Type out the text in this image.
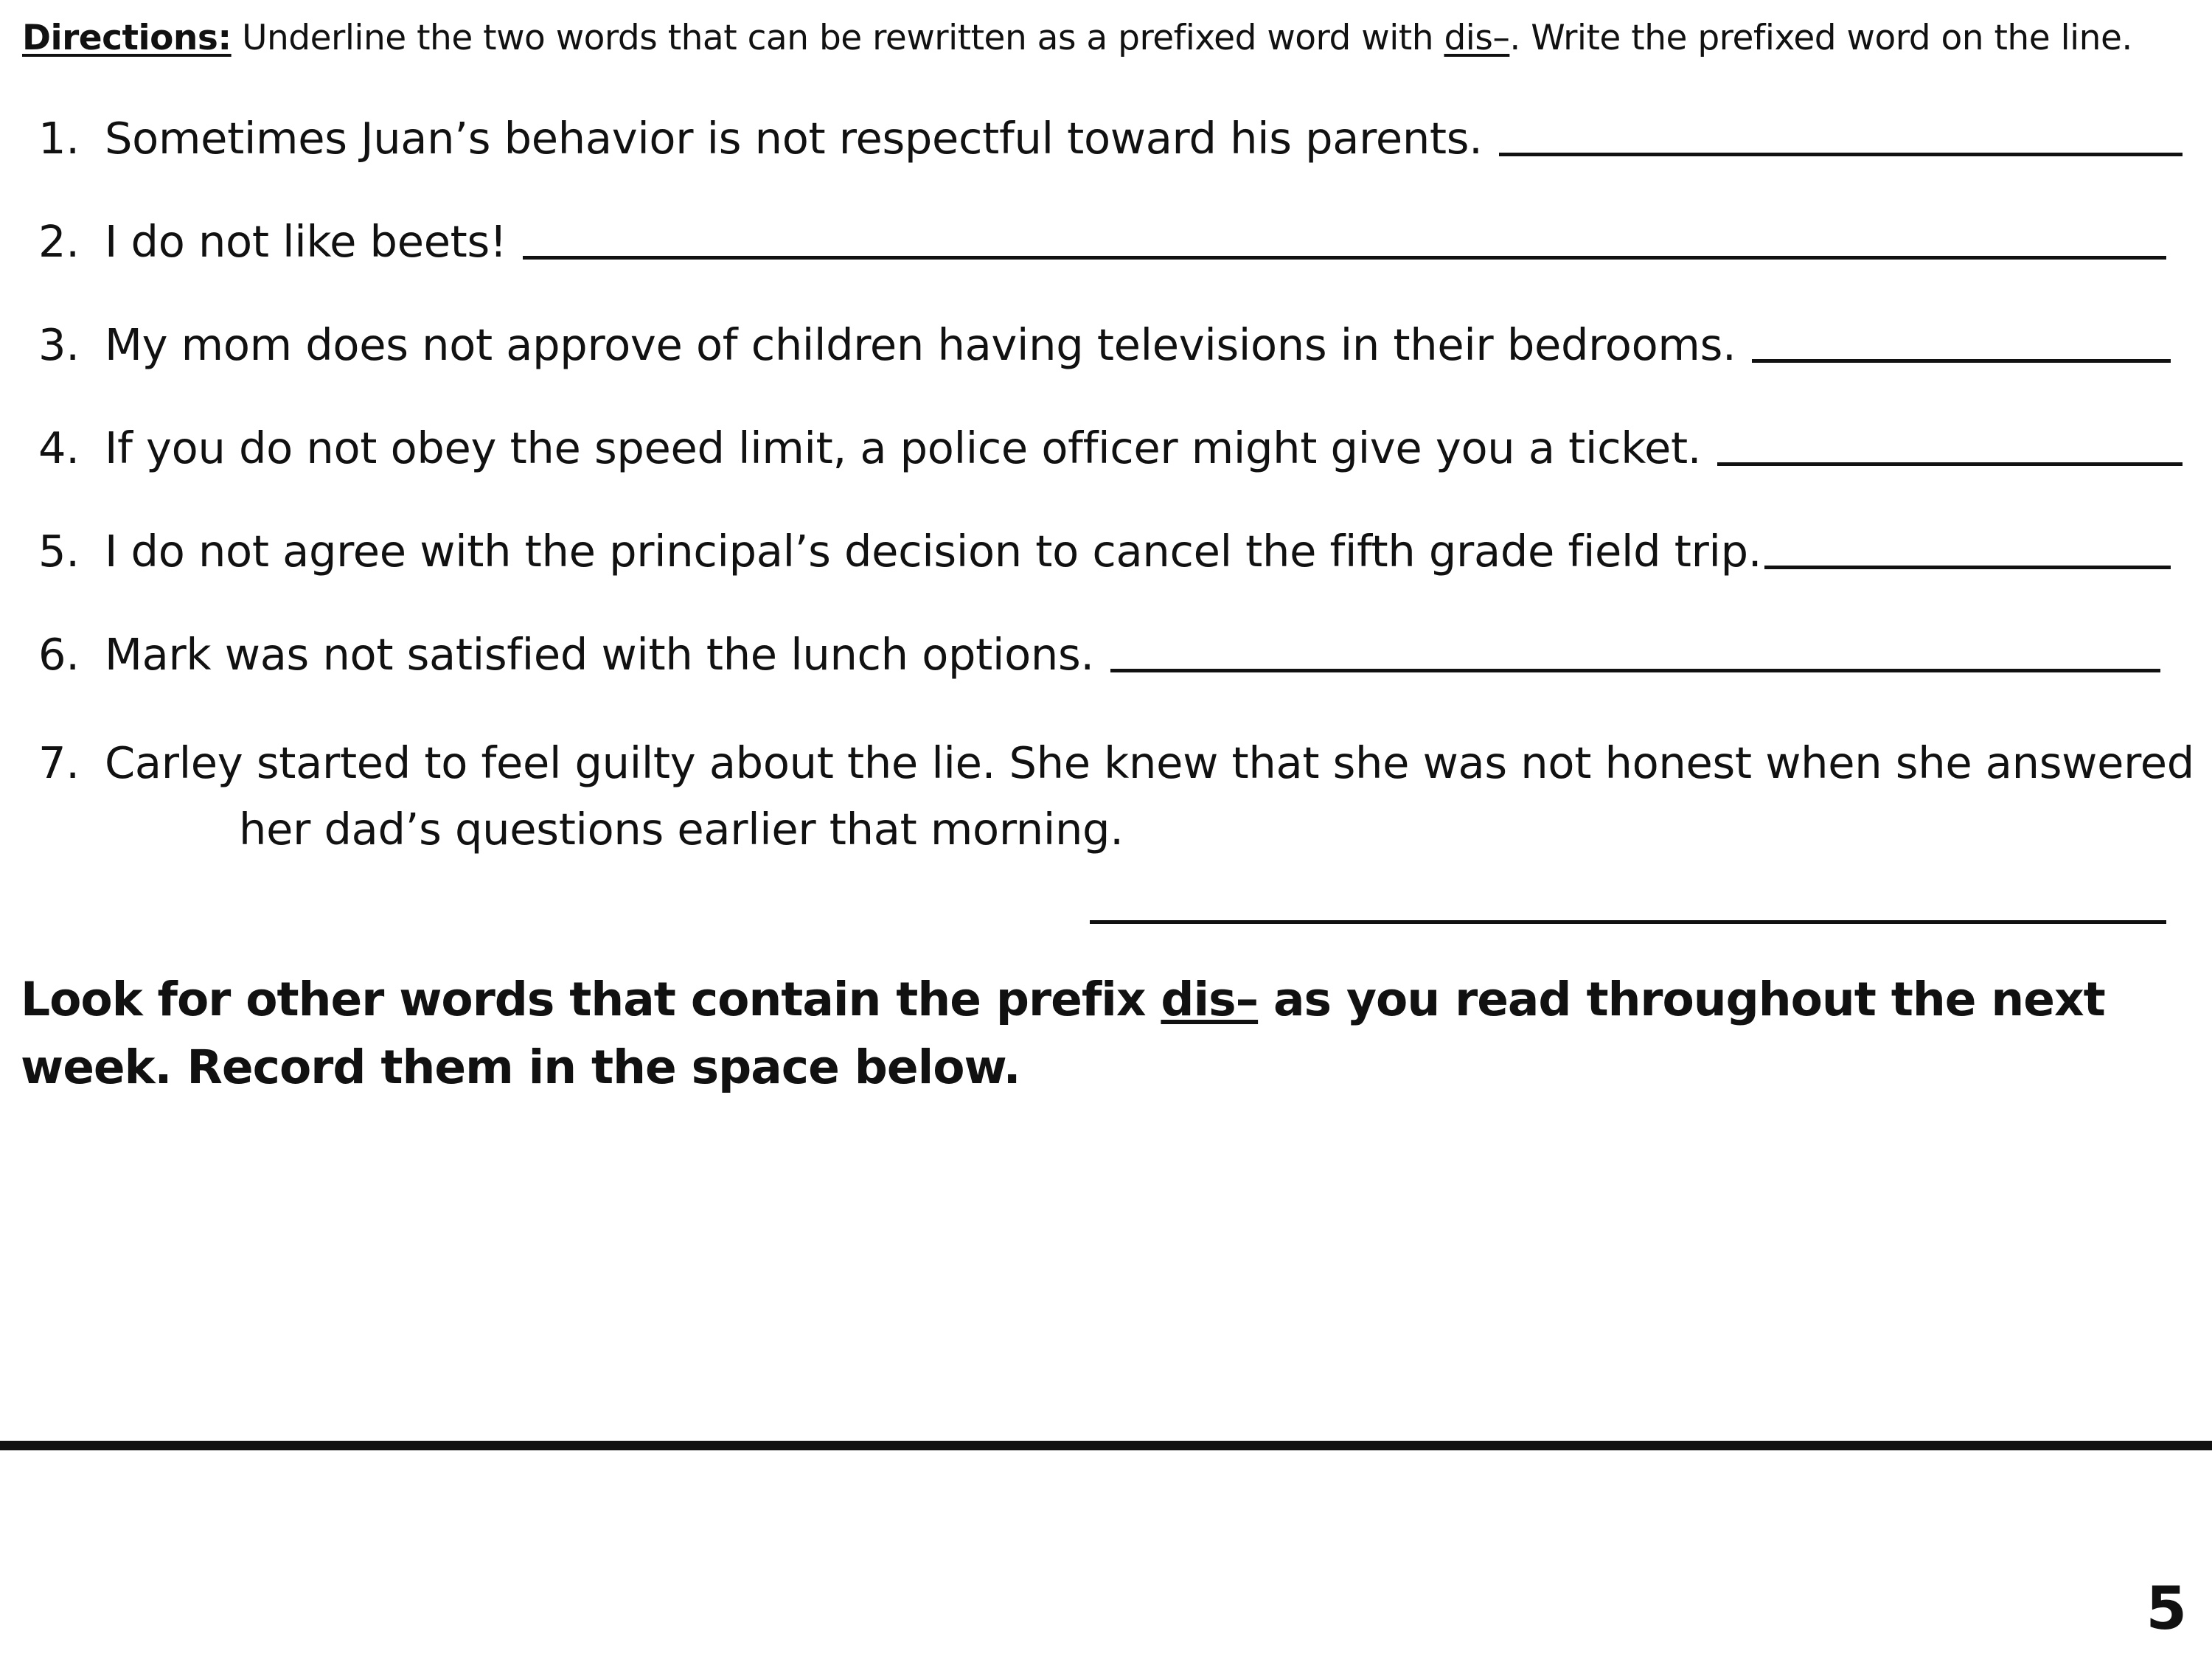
Directions: Underline the two words that can be rewritten as a prefixed word with dis–. Write the prefixed word on the line.
1. Sometimes Juan’s behavior is not respectful toward his parents.
2. I do not like beets!
3. My mom does not approve of children having televisions in their bedrooms.
4. If you do not obey the speed limit, a police officer might give you a ticket.
5. I do not agree with the principal’s decision to cancel the fifth grade field trip.
6. Mark was not satisfied with the lunch options.
7. Carley started to feel guilty about the lie. She knew that she was not honest when she answered
her dad’s questions earlier that morning.
Look for other words that contain the prefix dis– as you read throughout the next week. Record them in the space below.
5
